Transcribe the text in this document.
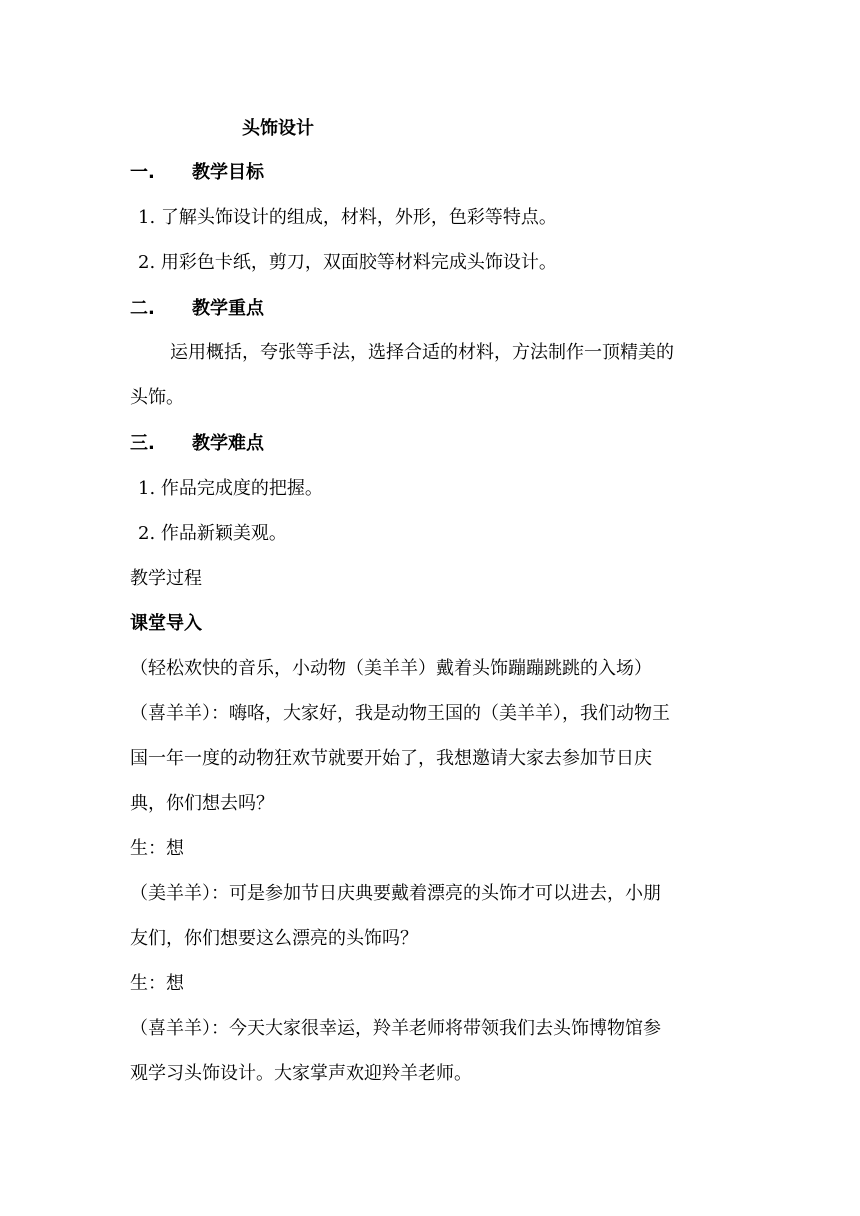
头饰设计
一. 教学目标
1. 了解头饰设计的组成，材料，外形，色彩等特点。
2. 用彩色卡纸，剪刀，双面胶等材料完成头饰设计。
二. 教学重点
运用概括，夸张等手法，选择合适的材料，方法制作一顶精美的
头饰。
三. 教学难点
1. 作品完成度的把握。
2. 作品新颖美观。
教学过程
课堂导入
（轻松欢快的音乐，小动物（美羊羊）戴着头饰蹦蹦跳跳的入场）
（喜羊羊）：嗨咯，大家好，我是动物王国的（美羊羊），我们动物王
国一年一度的动物狂欢节就要开始了，我想邀请大家去参加节日庆
典，你们想去吗？
生：想
（美羊羊）：可是参加节日庆典要戴着漂亮的头饰才可以进去，小朋
友们，你们想要这么漂亮的头饰吗？
生：想
（喜羊羊）：今天大家很幸运，羚羊老师将带领我们去头饰博物馆参
观学习头饰设计。大家掌声欢迎羚羊老师。
